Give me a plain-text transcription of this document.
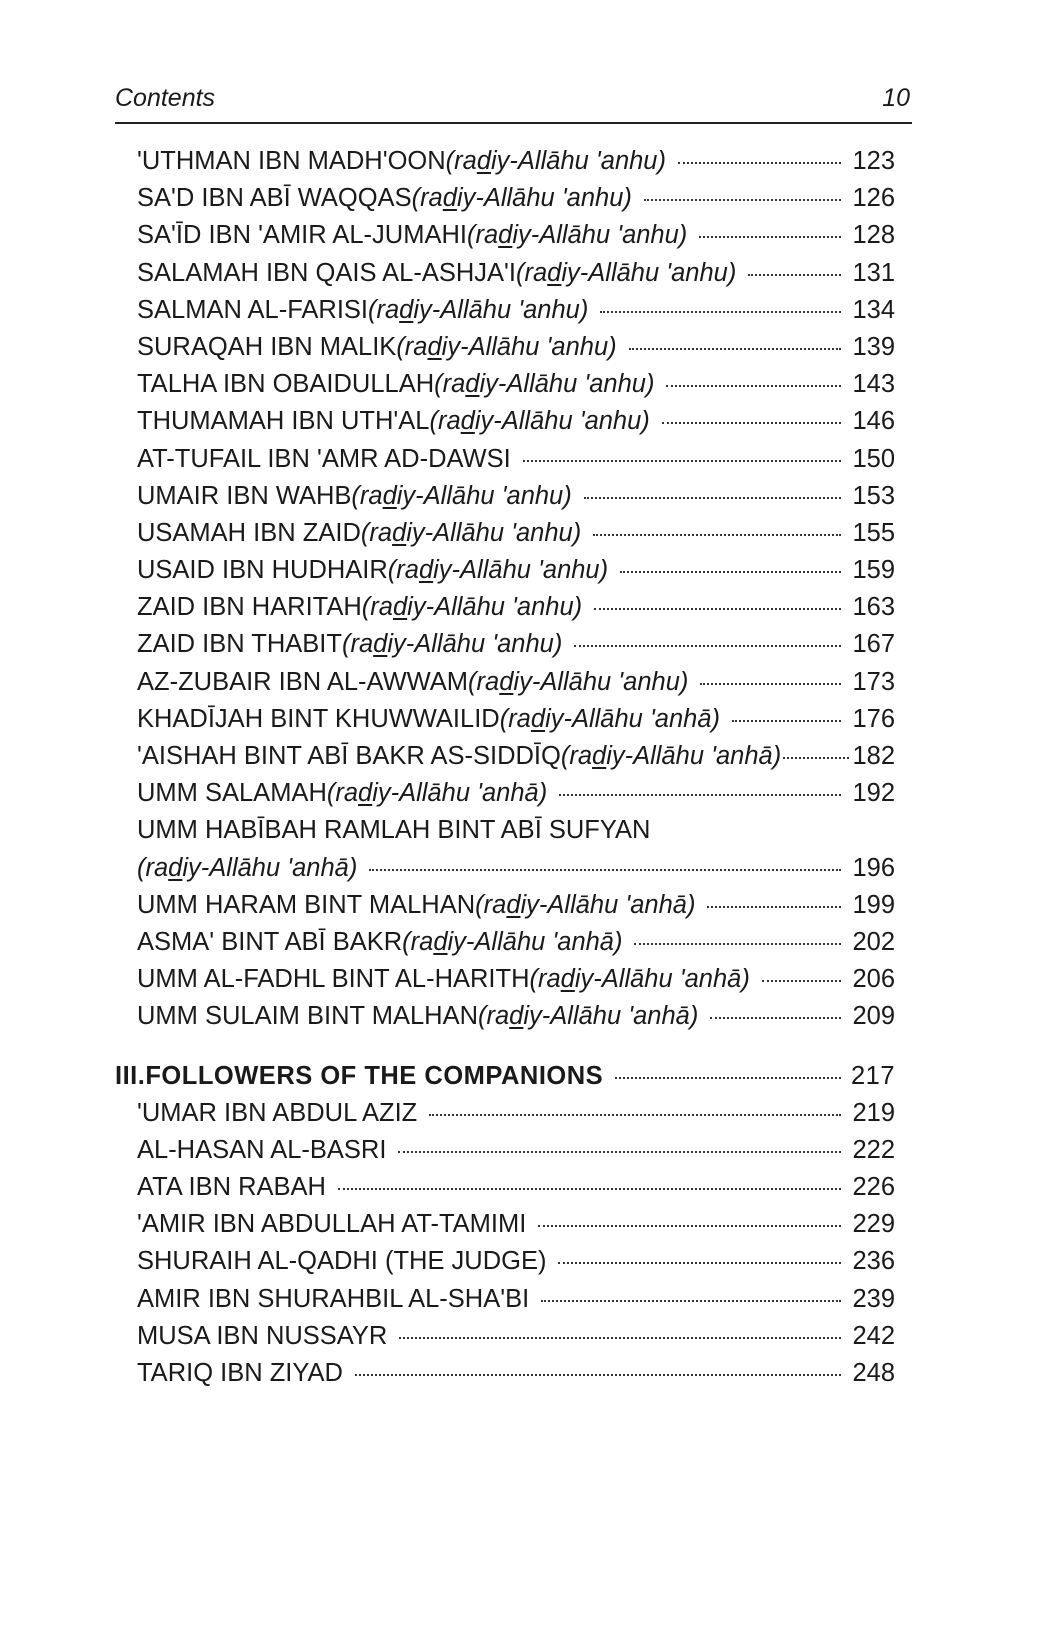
Contents	10
'UTHMAN IBN MADH'OON (radiy-Allāhu 'anhu)	123
SA'D IBN ABĪ WAQQAS (radiy-Allāhu 'anhu)	126
SA'ĪD IBN 'AMIR AL-JUMAHI (radiy-Allāhu 'anhu)	128
SALAMAH IBN QAIS AL-ASHJA'I (radiy-Allāhu 'anhu)	131
SALMAN AL-FARISI (radiy-Allāhu 'anhu)	134
SURAQAH IBN MALIK (radiy-Allāhu 'anhu)	139
TALHA IBN OBAIDULLAH (radiy-Allāhu 'anhu)	143
THUMAMAH IBN UTH'AL (radiy-Allāhu 'anhu)	146
AT-TUFAIL IBN 'AMR AD-DAWSI	150
UMAIR IBN WAHB (radiy-Allāhu 'anhu)	153
USAMAH IBN ZAID (radiy-Allāhu 'anhu)	155
USAID IBN HUDHAIR (radiy-Allāhu 'anhu)	159
ZAID IBN HARITAH (radiy-Allāhu 'anhu)	163
ZAID IBN THABIT (radiy-Allāhu 'anhu)	167
AZ-ZUBAIR IBN AL-AWWAM (radiy-Allāhu 'anhu)	173
KHADĪJAH BINT KHUWWAILID (radiy-Allāhu 'anhā)	176
'AISHAH BINT ABĪ BAKR AS-SIDDĪQ (radiy-Allāhu 'anhā)	182
UMM SALAMAH (radiy-Allāhu 'anhā)	192
UMM HABĪBAH RAMLAH BINT ABĪ SUFYAN
(radiy-Allāhu 'anhā)	196
UMM HARAM BINT MALHAN (radiy-Allāhu 'anhā)	199
ASMA' BINT ABĪ BAKR (radiy-Allāhu 'anhā)	202
UMM AL-FADHL BINT AL-HARITH (radiy-Allāhu 'anhā)	206
UMM SULAIM BINT MALHAN (radiy-Allāhu 'anhā)	209
III.FOLLOWERS OF THE COMPANIONS	217
'UMAR IBN ABDUL AZIZ	219
AL-HASAN AL-BASRI	222
ATA IBN RABAH	226
'AMIR IBN ABDULLAH AT-TAMIMI	229
SHURAIH AL-QADHI (THE JUDGE)	236
AMIR IBN SHURAHBIL AL-SHA'BI	239
MUSA IBN NUSSAYR	242
TARIQ IBN ZIYAD	248
